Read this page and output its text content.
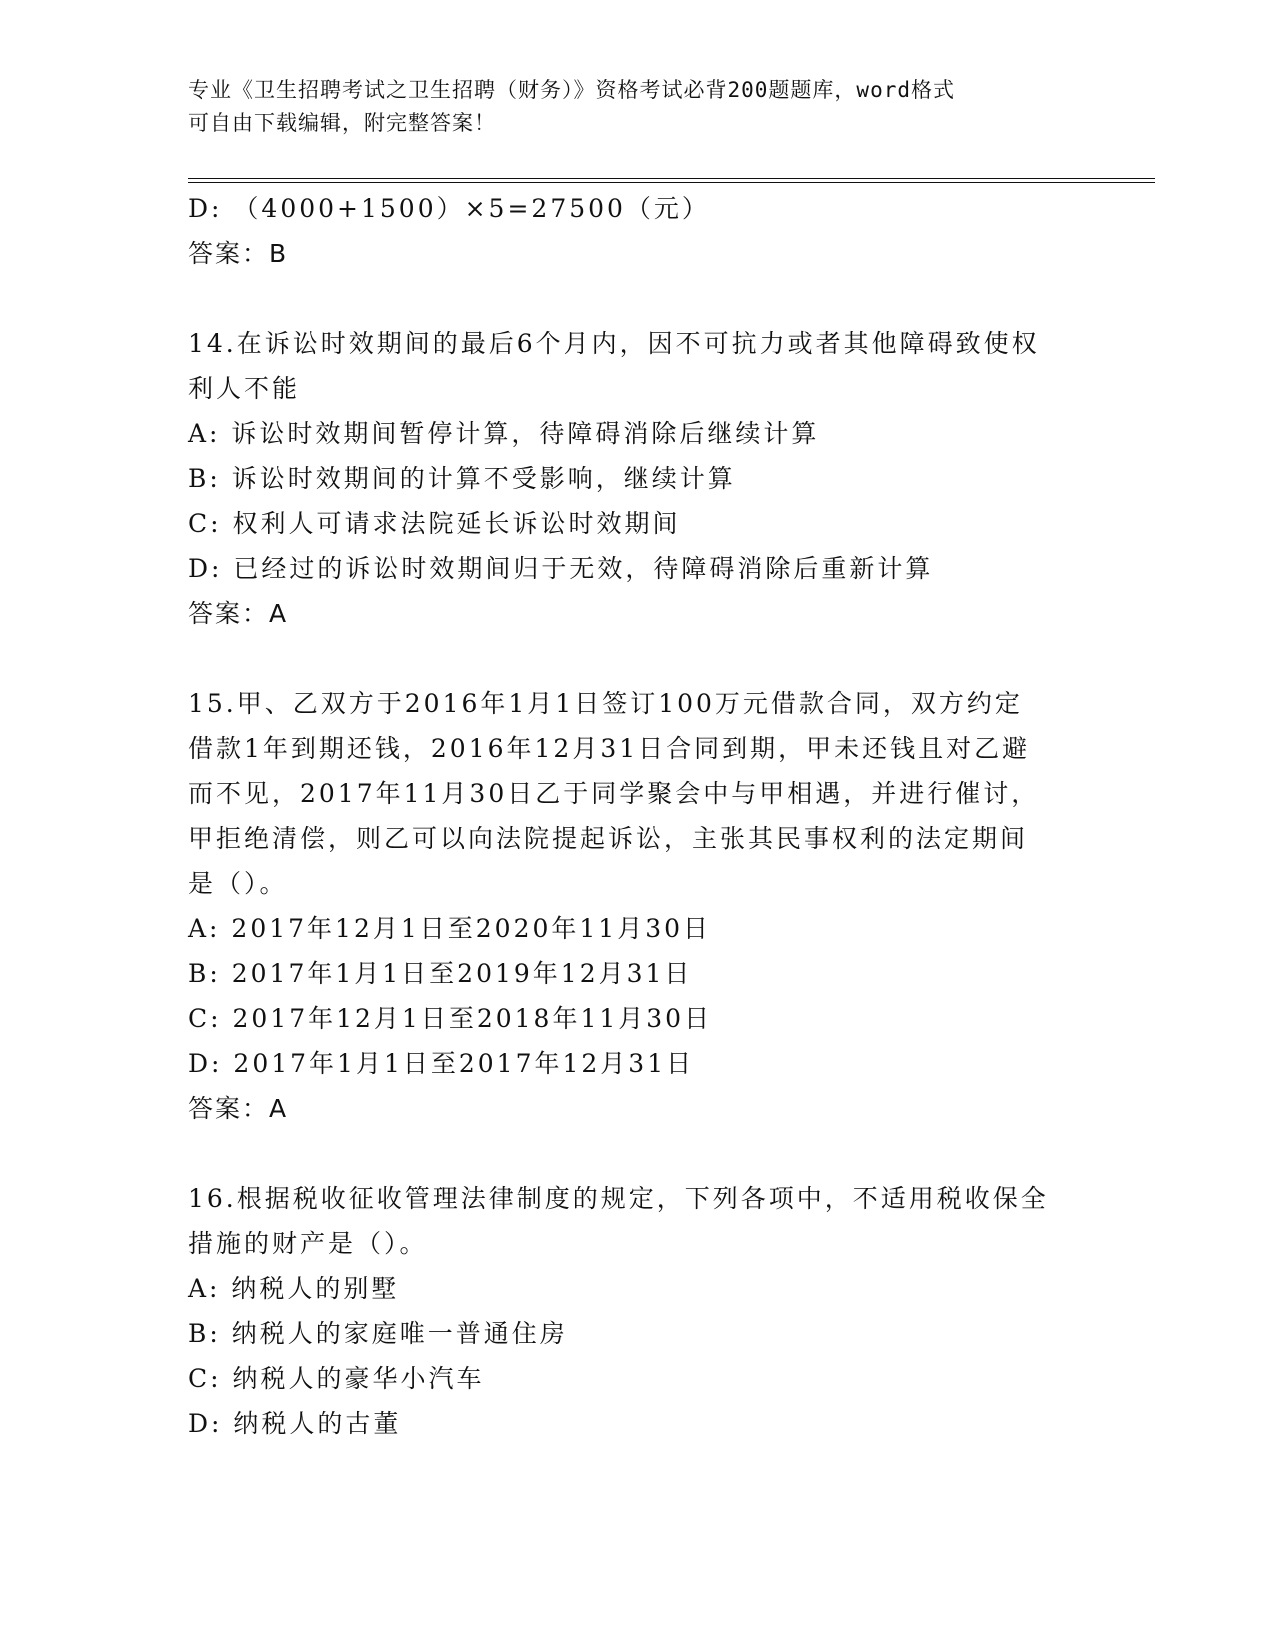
专业《卫生招聘考试之卫生招聘（财务）》资格考试必背200题题库，word格式
可自由下载编辑，附完整答案！
D: （4000+1500）×5=27500（元）
答案：B
14.在诉讼时效期间的最后6个月内，因不可抗力或者其他障碍致使权
利人不能
A: 诉讼时效期间暂停计算，待障碍消除后继续计算
B: 诉讼时效期间的计算不受影响，继续计算
C: 权利人可请求法院延长诉讼时效期间
D: 已经过的诉讼时效期间归于无效，待障碍消除后重新计算
答案：A
15.甲、乙双方于2016年1月1日签订100万元借款合同，双方约定
借款1年到期还钱，2016年12月31日合同到期，甲未还钱且对乙避
而不见，2017年11月30日乙于同学聚会中与甲相遇，并进行催讨，
甲拒绝清偿，则乙可以向法院提起诉讼，主张其民事权利的法定期间
是（）。
A: 2017年12月1日至2020年11月30日
B: 2017年1月1日至2019年12月31日
C: 2017年12月1日至2018年11月30日
D: 2017年1月1日至2017年12月31日
答案：A
16.根据税收征收管理法律制度的规定，下列各项中，不适用税收保全
措施的财产是（）。
A: 纳税人的别墅
B: 纳税人的家庭唯一普通住房
C: 纳税人的豪华小汽车
D: 纳税人的古董
